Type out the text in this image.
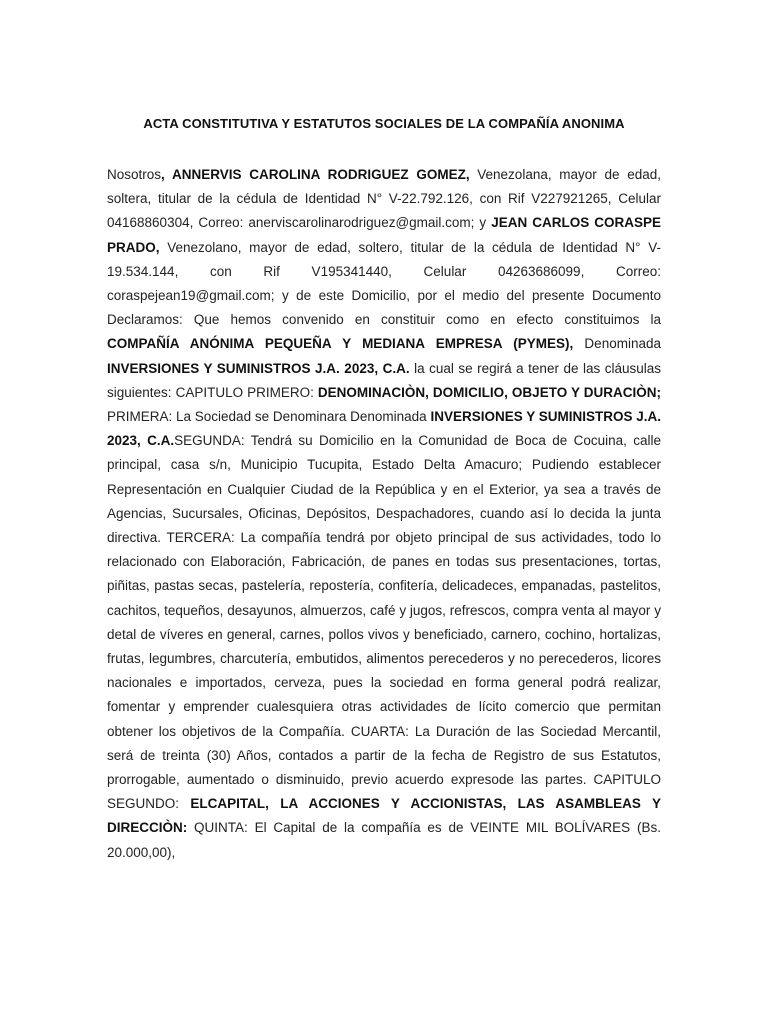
ACTA CONSTITUTIVA Y ESTATUTOS SOCIALES DE LA COMPAÑÍA ANONIMA
Nosotros, ANNERVIS CAROLINA RODRIGUEZ GOMEZ, Venezolana, mayor de edad, soltera, titular de la cédula de Identidad N° V-22.792.126, con Rif V227921265, Celular 04168860304, Correo: anerviscarolinarodriguez@gmail.com; y JEAN CARLOS CORASPE PRADO, Venezolano, mayor de edad, soltero, titular de la cédula de Identidad N° V-19.534.144, con Rif V195341440, Celular 04263686099, Correo: coraspejean19@gmail.com; y de este Domicilio, por el medio del presente Documento Declaramos: Que hemos convenido en constituir como en efecto constituimos la COMPAÑÍA ANÓNIMA PEQUEÑA Y MEDIANA EMPRESA (PYMES), Denominada INVERSIONES Y SUMINISTROS J.A. 2023, C.A. la cual se regirá a tener de las cláusulas siguientes: CAPITULO PRIMERO: DENOMINACIÒN, DOMICILIO, OBJETO Y DURACIÒN; PRIMERA: La Sociedad se Denominara Denominada INVERSIONES Y SUMINISTROS J.A. 2023, C.A.SEGUNDA: Tendrá su Domicilio en la Comunidad de Boca de Cocuina, calle principal, casa s/n, Municipio Tucupita, Estado Delta Amacuro; Pudiendo establecer Representación en Cualquier Ciudad de la República y en el Exterior, ya sea a través de Agencias, Sucursales, Oficinas, Depósitos, Despachadores, cuando así lo decida la junta directiva. TERCERA: La compañía tendrá por objeto principal de sus actividades, todo lo relacionado con Elaboración, Fabricación, de panes en todas sus presentaciones, tortas, piñitas, pastas secas, pastelería, repostería, confitería, delicadeces, empanadas, pastelitos, cachitos, tequeños, desayunos, almuerzos, café y jugos, refrescos, compra venta al mayor y detal de víveres en general, carnes, pollos vivos y beneficiado, carnero, cochino, hortalizas, frutas, legumbres, charcutería, embutidos, alimentos perecederos y no perecederos, licores nacionales e importados, cerveza, pues la sociedad en forma general podrá realizar, fomentar y emprender cualesquiera otras actividades de lícito comercio que permitan obtener los objetivos de la Compañía. CUARTA: La Duración de las Sociedad Mercantil, será de treinta (30) Años, contados a partir de la fecha de Registro de sus Estatutos, prorrogable, aumentado o disminuido, previo acuerdo expresode las partes. CAPITULO SEGUNDO: ELCAPITAL, LA ACCIONES Y ACCIONISTAS, LAS ASAMBLEAS Y DIRECCIÒN: QUINTA: El Capital de la compañía es de VEINTE MIL BOLÍVARES (Bs. 20.000,00),
